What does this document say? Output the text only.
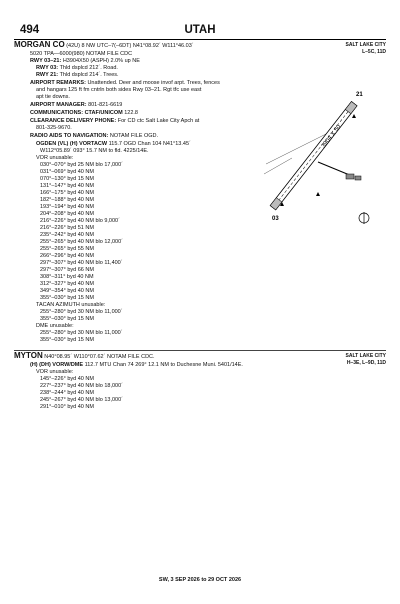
494	UTAH
SALT LAKE CITY
L–5C, 11D
MORGAN CO (42U) 8 NW UTC–7(–6DT) N41°08.92´ W111°46.03´
5020 TPA—6000(980) NOTAM FILE CDC
RWY 03–21: H3904X50 (ASPH) 2.0% up NE
RWY 03: Thld dsplcd 212´. Road.
RWY 21: Thld dsplcd 214´. Trees.
AIRPORT REMARKS: Unattended. Deer and moose invof arpt. Trees, fences
and hangars 125 ft fm cntrln both sides Rwy 03–21. Rgt tfc use east
apt tie downs.
AIRPORT MANAGER: 801-821-6619
COMMUNICATIONS: CTAF/UNICOM 122.8
CLEARANCE DELIVERY PHONE: For CD ctc Salt Lake City Apch at
801-325-9670.
RADIO AIDS TO NAVIGATION: NOTAM FILE OGD.
OGDEN (VL) (H) VORTACW 115.7 OGD Chan 104 N41°13.45´
W112°05.89´ 093° 15.7 NM to fld. 4225/14E.
VOR unusable:
030°–070° byd 25 NM blo 17,000´
031°–069° byd 40 NM
070°–130° byd 15 NM
131°–147° byd 40 NM
166°–175° byd 40 NM
182°–188° byd 40 NM
193°–194° byd 40 NM
204°–208° byd 40 NM
216°–226° byd 40 NM blo 9,000´
216°–226° byd 51 NM
235°–242° byd 40 NM
255°–265° byd 40 NM blo 12,000´
255°–265° byd 55 NM
266°–296° byd 40 NM
297°–307° byd 40 NM blo 11,400´
297°–307° byd 66 NM
308°–311° byd 40 NM
312°–327° byd 40 NM
349°–354° byd 40 NM
355°–030° byd 15 NM
TACAN AZIMUTH unusable:
255°–280° byd 30 NM blo 11,000´
355°–030° byd 15 NM
DME unusable:
255°–280° byd 30 NM blo 11,000´
355°–030° byd 15 NM
3904 X 50
03
21
SALT LAKE CITY
H–3E, L–9D, 11D
MYTON N40°08.95´ W110°07.62´ NOTAM FILE CDC.
(H) (DH) VORW/DME 112.7 MTU Chan 74 269° 12.1 NM to Duchesne Muni. 5401/14E.
VOR unusable:
145°–226° byd 40 NM
227°–237° byd 40 NM blo 18,000´
238°–244° byd 40 NM
245°–267° byd 40 NM blo 13,000´
291°–010° byd 40 NM
SW, 3 SEP 2026 to 29 OCT 2026
